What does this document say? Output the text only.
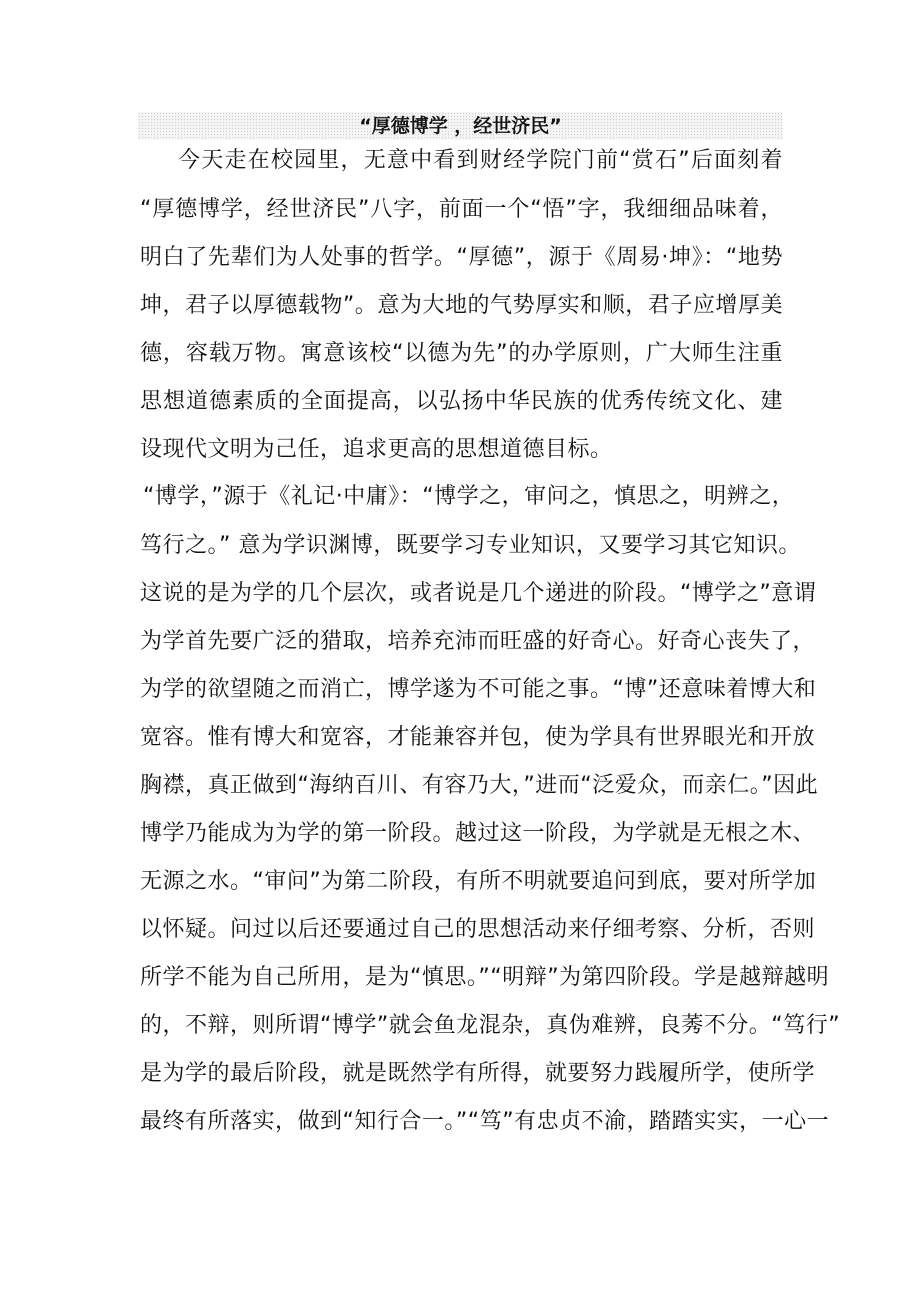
“厚德博学 ，经世济民”
今天走在校园里，无意中看到财经学院门前“赏石”后面刻着
“厚德博学，经世济民”八字，前面一个“悟”字，我细细品味着，
明白了先辈们为人处事的哲学。“厚德”，源于《周易·坤》：“地势
坤，君子以厚德载物”。意为大地的气势厚实和顺，君子应增厚美
德，容载万物。寓意该校“以德为先”的办学原则，广大师生注重
思想道德素质的全面提高，以弘扬中华民族的优秀传统文化、建
设现代文明为己任，追求更高的思想道德目标。
“博学，”源于《礼记·中庸》：“博学之，审问之，慎思之，明辨之，
笃行之。” 意为学识渊博，既要学习专业知识，又要学习其它知识。
这说的是为学的几个层次，或者说是几个递进的阶段。“博学之”意谓
为学首先要广泛的猎取，培养充沛而旺盛的好奇心。好奇心丧失了，
为学的欲望随之而消亡，博学遂为不可能之事。“博”还意味着博大和
宽容。惟有博大和宽容，才能兼容并包，使为学具有世界眼光和开放
胸襟，真正做到“海纳百川、有容乃大，”进而“泛爱众，而亲仁。”因此
博学乃能成为为学的第一阶段。越过这一阶段，为学就是无根之木、
无源之水。“审问”为第二阶段，有所不明就要追问到底，要对所学加
以怀疑。问过以后还要通过自己的思想活动来仔细考察、分析，否则
所学不能为自己所用，是为“慎思。”“明辩”为第四阶段。学是越辩越明
的，不辩，则所谓“博学”就会鱼龙混杂，真伪难辨，良莠不分。“笃行”
是为学的最后阶段，就是既然学有所得，就要努力践履所学，使所学
最终有所落实，做到“知行合一。”“笃”有忠贞不渝，踏踏实实，一心一
